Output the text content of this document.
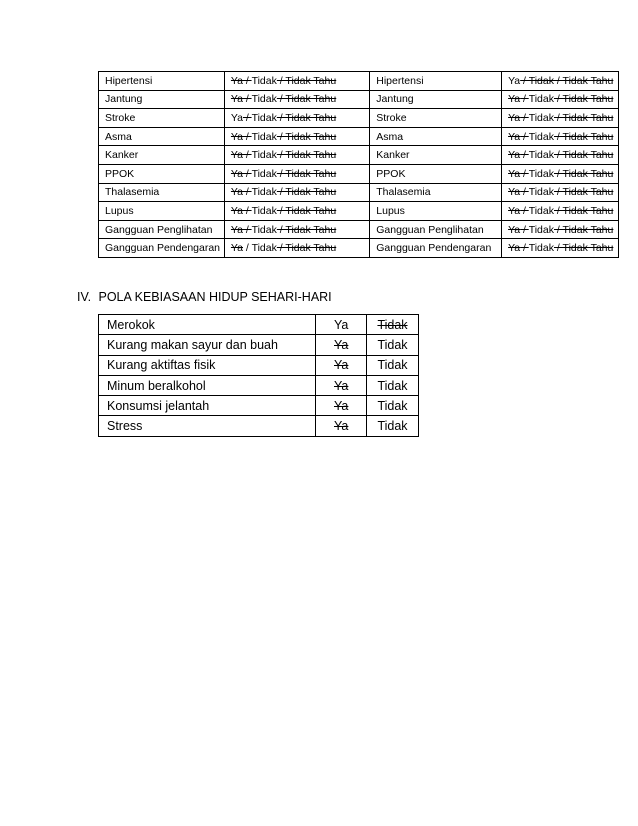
Hipertensi	Ya / Tidak / Tidak Tahu	Hipertensi	Ya / Tidak / Tidak Tahu
Jantung	Ya / Tidak / Tidak Tahu	Jantung	Ya / Tidak / Tidak Tahu
Stroke	Ya / Tidak / Tidak Tahu	Stroke	Ya / Tidak / Tidak Tahu
Asma	Ya / Tidak / Tidak Tahu	Asma	Ya / Tidak / Tidak Tahu
Kanker	Ya / Tidak / Tidak Tahu	Kanker	Ya / Tidak / Tidak Tahu
PPOK	Ya / Tidak / Tidak Tahu	PPOK	Ya / Tidak / Tidak Tahu
Thalasemia	Ya / Tidak / Tidak Tahu	Thalasemia	Ya / Tidak / Tidak Tahu
Lupus	Ya / Tidak / Tidak Tahu	Lupus	Ya / Tidak / Tidak Tahu
Gangguan Penglihatan	Ya / Tidak / Tidak Tahu	Gangguan Penglihatan	Ya / Tidak / Tidak Tahu
Gangguan Pendengaran	Ya / Tidak / Tidak Tahu	Gangguan Pendengaran	Ya / Tidak / Tidak Tahu
IV. POLA KEBIASAAN HIDUP SEHARI-HARI
Merokok	Ya	Tidak
Kurang makan sayur dan buah	Ya	Tidak
Kurang aktiftas fisik	Ya	Tidak
Minum beralkohol	Ya	Tidak
Konsumsi jelantah	Ya	Tidak
Stress	Ya	Tidak
